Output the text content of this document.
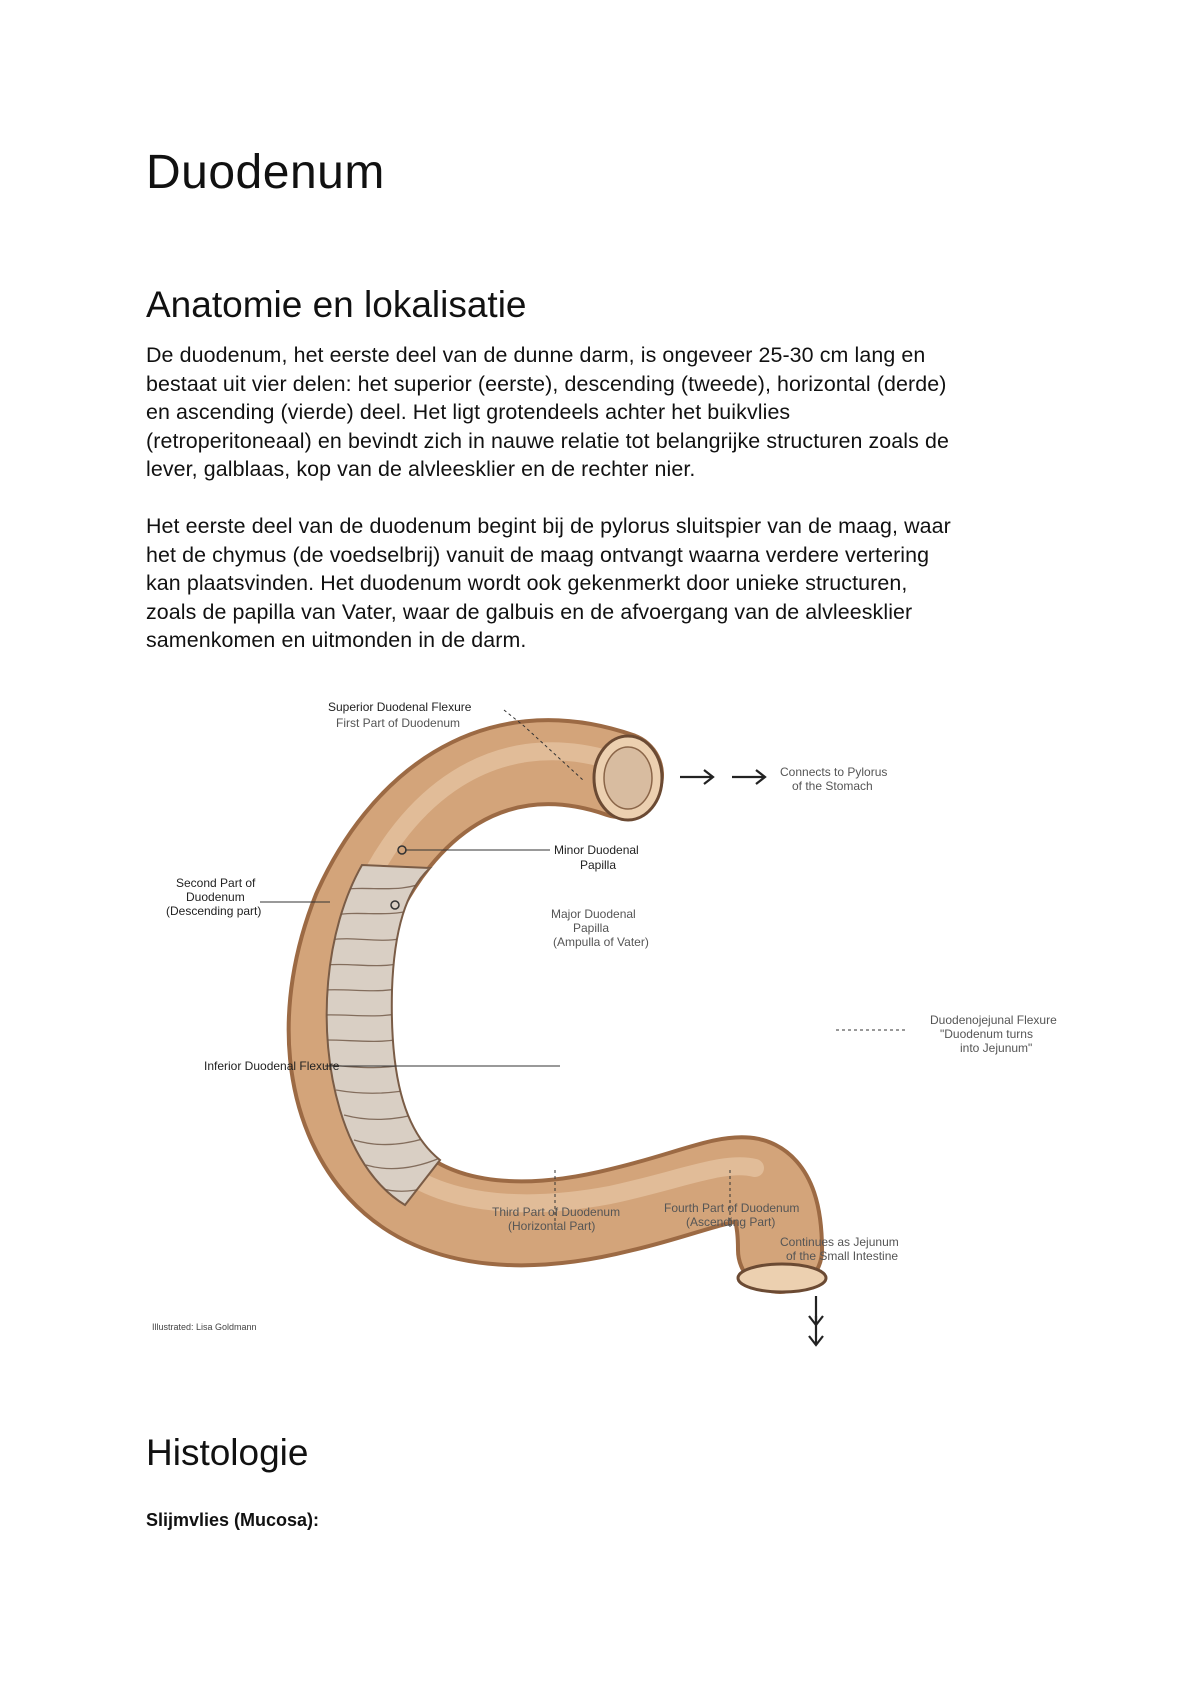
Duodenum
Anatomie en lokalisatie

De duodenum, het eerste deel van de dunne darm, is ongeveer 25-30 cm lang en
bestaat uit vier delen: het superior (eerste), descending (tweede), horizontal (derde)
en ascending (vierde) deel. Het ligt grotendeels achter het buikvlies
(retroperitoneaal) en bevindt zich in nauwe relatie tot belangrijke structuren zoals de
lever, galblaas, kop van de alvleesklier en de rechter nier.

Het eerste deel van de duodenum begint bij de pylorus sluitspier van de maag, waar
het de chymus (de voedselbrij) vanuit de maag ontvangt waarna verdere vertering
kan plaatsvinden. Het duodenum wordt ook gekenmerkt door unieke structuren,
zoals de papilla van Vater, waar de galbuis en de afvoergang van de alvleesklier
samenkomen en uitmonden in de darm.

Superior Duodenal Flexure
First Part of Duodenum
Connects to Pylorus
of the Stomach
Minor Duodenal
Papilla
Major Duodenal
Papilla
(Ampulla of Vater)
Second Part of
Duodenum
(Descending part)
Duodenojejunal Flexure
"Duodenum turns
into Jejunum"
Inferior Duodenal Flexure
Third Part of Duodenum
(Horizontal Part)
Fourth Part of Duodenum
(Ascending Part)
Continues as Jejunum
of the Small Intestine
Illustrated: Lisa Goldmann
Histologie

Slijmvlies (Mucosa):
